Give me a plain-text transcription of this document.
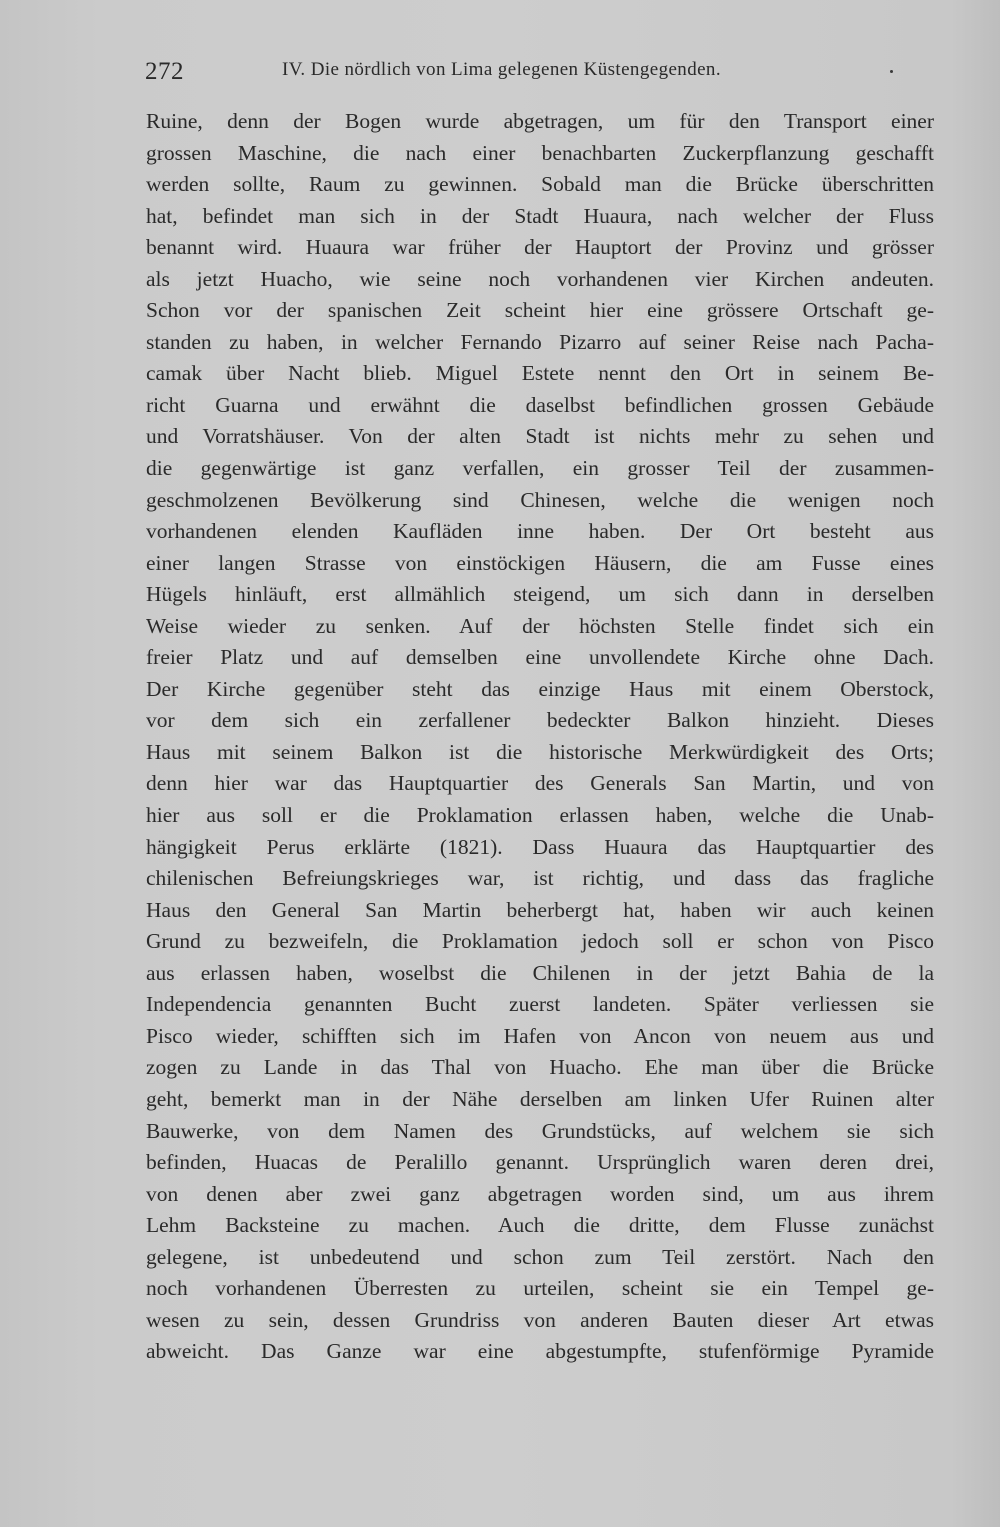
272	IV. Die nördlich von Lima gelegenen Küstengegenden.
Ruine, denn der Bogen wurde abgetragen, um für den Transport einer
grossen Maschine, die nach einer benachbarten Zuckerpflanzung geschafft
werden sollte, Raum zu gewinnen. Sobald man die Brücke überschritten
hat, befindet man sich in der Stadt Huaura, nach welcher der Fluss
benannt wird. Huaura war früher der Hauptort der Provinz und grösser
als jetzt Huacho, wie seine noch vorhandenen vier Kirchen andeuten.
Schon vor der spanischen Zeit scheint hier eine grössere Ortschaft ge-
standen zu haben, in welcher Fernando Pizarro auf seiner Reise nach Pacha-
camak über Nacht blieb. Miguel Estete nennt den Ort in seinem Be-
richt Guarna und erwähnt die daselbst befindlichen grossen Gebäude
und Vorratshäuser. Von der alten Stadt ist nichts mehr zu sehen und
die gegenwärtige ist ganz verfallen, ein grosser Teil der zusammen-
geschmolzenen Bevölkerung sind Chinesen, welche die wenigen noch
vorhandenen elenden Kaufläden inne haben. Der Ort besteht aus
einer langen Strasse von einstöckigen Häusern, die am Fusse eines
Hügels hinläuft, erst allmählich steigend, um sich dann in derselben
Weise wieder zu senken. Auf der höchsten Stelle findet sich ein
freier Platz und auf demselben eine unvollendete Kirche ohne Dach.
Der Kirche gegenüber steht das einzige Haus mit einem Oberstock,
vor dem sich ein zerfallener bedeckter Balkon hinzieht. Dieses
Haus mit seinem Balkon ist die historische Merkwürdigkeit des Orts;
denn hier war das Hauptquartier des Generals San Martin, und von
hier aus soll er die Proklamation erlassen haben, welche die Unab-
hängigkeit Perus erklärte (1821). Dass Huaura das Hauptquartier des
chilenischen Befreiungskrieges war, ist richtig, und dass das fragliche
Haus den General San Martin beherbergt hat, haben wir auch keinen
Grund zu bezweifeln, die Proklamation jedoch soll er schon von Pisco
aus erlassen haben, woselbst die Chilenen in der jetzt Bahia de la
Independencia genannten Bucht zuerst landeten. Später verliessen sie
Pisco wieder, schifften sich im Hafen von Ancon von neuem aus und
zogen zu Lande in das Thal von Huacho. Ehe man über die Brücke
geht, bemerkt man in der Nähe derselben am linken Ufer Ruinen alter
Bauwerke, von dem Namen des Grundstücks, auf welchem sie sich
befinden, Huacas de Peralillo genannt. Ursprünglich waren deren drei,
von denen aber zwei ganz abgetragen worden sind, um aus ihrem
Lehm Backsteine zu machen. Auch die dritte, dem Flusse zunächst
gelegene, ist unbedeutend und schon zum Teil zerstört. Nach den
noch vorhandenen Überresten zu urteilen, scheint sie ein Tempel ge-
wesen zu sein, dessen Grundriss von anderen Bauten dieser Art etwas
abweicht. Das Ganze war eine abgestumpfte, stufenförmige Pyramide
